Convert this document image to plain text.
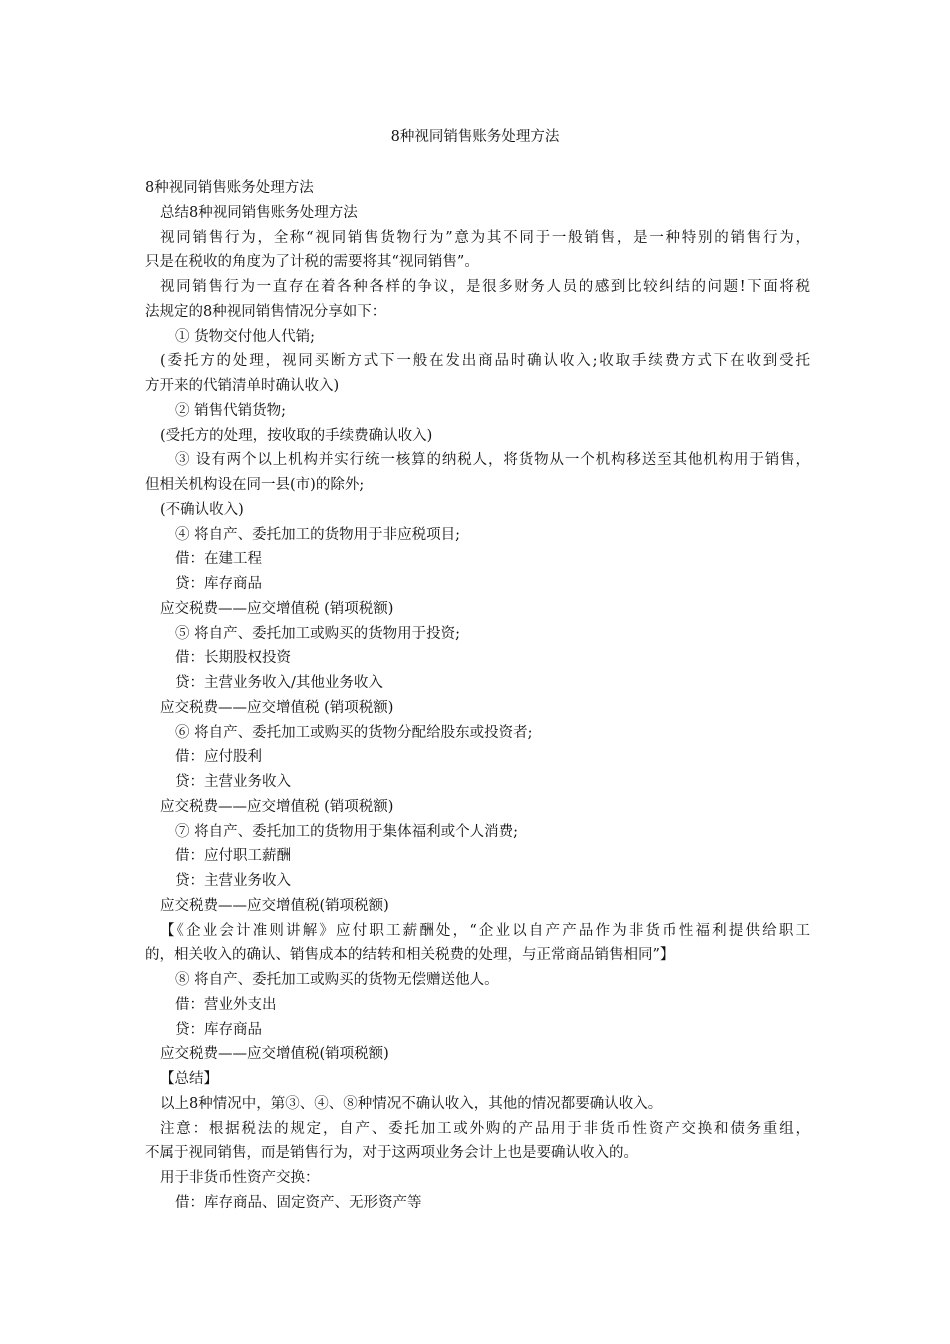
8种视同销售账务处理方法

8种视同销售账务处理方法

总结8种视同销售账务处理方法

视同销售行为，全称“视同销售货物行为”意为其不同于一般销售，是一种特别的销售行为，

只是在税收的角度为了计税的需要将其“视同销售”。

视同销售行为一直存在着各种各样的争议，是很多财务人员的感到比较纠结的问题!下面将税

法规定的8种视同销售情况分享如下：

① 货物交付他人代销;

(委托方的处理，视同买断方式下一般在发出商品时确认收入;收取手续费方式下在收到受托

方开来的代销清单时确认收入)

② 销售代销货物;

(受托方的处理，按收取的手续费确认收入)

③ 设有两个以上机构并实行统一核算的纳税人，将货物从一个机构移送至其他机构用于销售，

但相关机构设在同一县(市)的除外;

(不确认收入)

④ 将自产、委托加工的货物用于非应税项目;

借：在建工程

贷：库存商品

应交税费——应交增值税 (销项税额)

⑤ 将自产、委托加工或购买的货物用于投资;

借：长期股权投资

贷：主营业务收入/其他业务收入

应交税费——应交增值税 (销项税额)

⑥ 将自产、委托加工或购买的货物分配给股东或投资者;

借：应付股利

贷：主营业务收入

应交税费——应交增值税 (销项税额)

⑦ 将自产、委托加工的货物用于集体福利或个人消费;

借：应付职工薪酬

贷：主营业务收入

应交税费——应交增值税(销项税额)

【《企业会计准则讲解》应付职工薪酬处，“企业以自产产品作为非货币性福利提供给职工

的，相关收入的确认、销售成本的结转和相关税费的处理，与正常商品销售相同”】

⑧ 将自产、委托加工或购买的货物无偿赠送他人。

借：营业外支出

贷：库存商品

应交税费——应交增值税(销项税额)

【总结】

以上8种情况中，第③、④、⑧种情况不确认收入，其他的情况都要确认收入。

注意：根据税法的规定，自产、委托加工或外购的产品用于非货币性资产交换和债务重组，

不属于视同销售，而是销售行为，对于这两项业务会计上也是要确认收入的。

用于非货币性资产交换：

借：库存商品、固定资产、无形资产等
